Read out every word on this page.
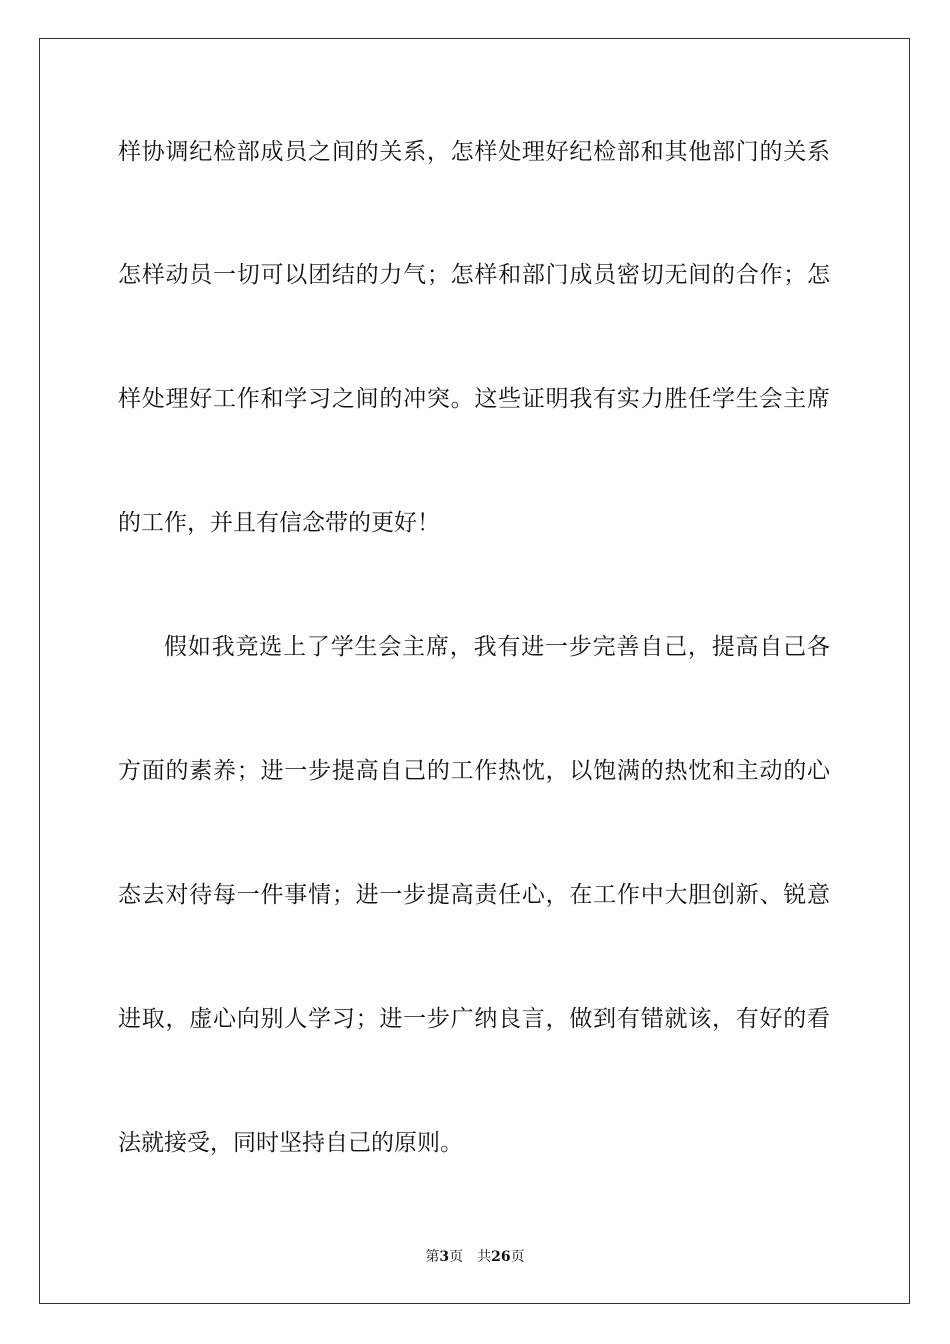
样协调纪检部成员之间的关系，怎样处理好纪检部和其他部门的关系
怎样动员一切可以团结的力气；怎样和部门成员密切无间的合作；怎
样处理好工作和学习之间的冲突。这些证明我有实力胜任学生会主席
的工作，并且有信念带的更好！
假如我竞选上了学生会主席，我有进一步完善自己，提高自己各
方面的素养；进一步提高自己的工作热忱，以饱满的热忱和主动的心
态去对待每一件事情；进一步提高责任心，在工作中大胆创新、锐意
进取，虚心向别人学习；进一步广纳良言，做到有错就该，有好的看
法就接受，同时坚持自己的原则。
第3页 共26页
